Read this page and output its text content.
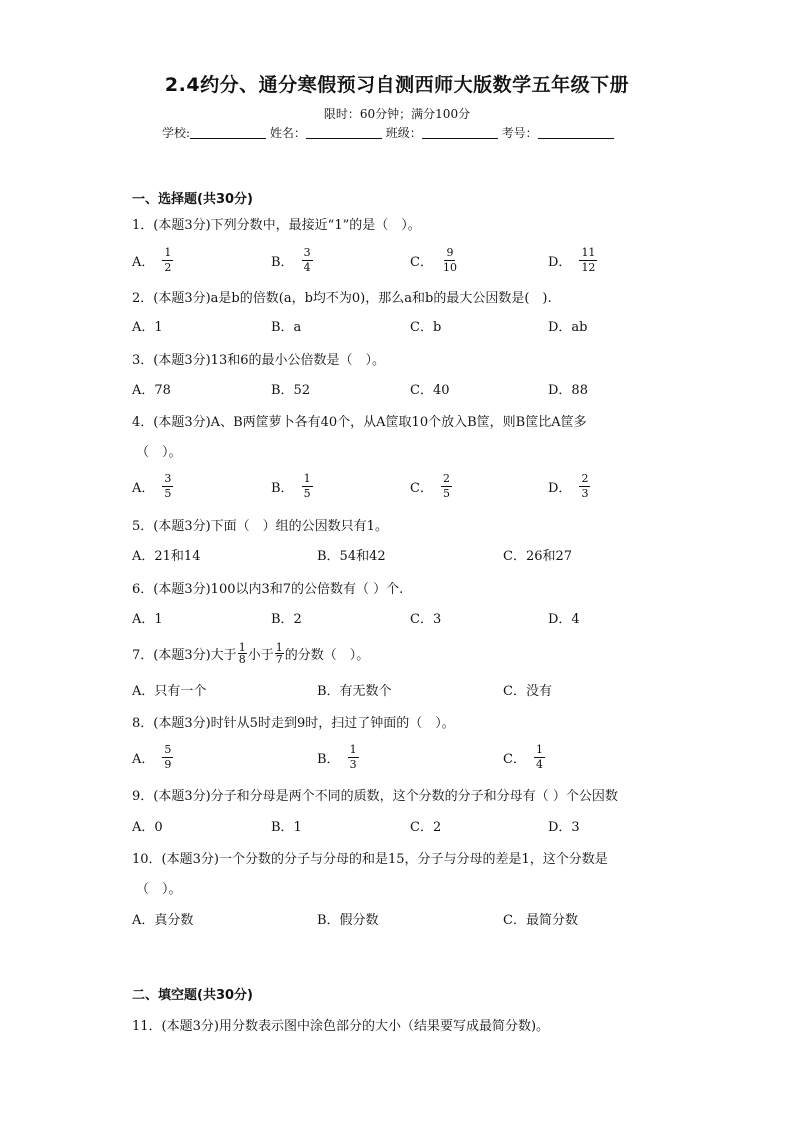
2.4约分、通分寒假预习自测西师大版数学五年级下册
限时：60分钟；满分100分
学校:	姓名：	班级：	考号：
一、选择题(共30分)
1．(本题3分)下列分数中，最接近“1”的是（　）。
A． $\frac{1}{2}$	B． $\frac{3}{4}$	C． $\frac{9}{10}$	D． $\frac{11}{12}$
2．(本题3分)a是b的倍数(a，b均不为0)，那么a和b的最大公因数是(　).
A．1	B．a	C．b	D．ab
3．(本题3分)13和6的最小公倍数是（　）。
A．78	B．52	C．40	D．88
4．(本题3分)A、B两筐萝卜各有40个，从A筐取10个放入B筐，则B筐比A筐多
（　）。
A． $\frac{3}{5}$	B． $\frac{1}{5}$	C． $\frac{2}{5}$	D． $\frac{2}{3}$
5．(本题3分)下面（　）组的公因数只有1。
A．21和14	B．54和42	C．26和27
6．(本题3分)100以内3和7的公倍数有（ ）个.
A．1	B．2	C．3	D．4
7．(本题3分)大于 $\frac{1}{8}$ 小于 $\frac{1}{7}$ 的分数（　）。
A．只有一个	B．有无数个	C．没有
8．(本题3分)时针从5时走到9时，扫过了钟面的（　）。
A． $\frac{5}{9}$	B． $\frac{1}{3}$	C． $\frac{1}{4}$
9．(本题3分)分子和分母是两个不同的质数，这个分数的分子和分母有（ ）个公因数
A．0	B．1	C．2	D．3
10．(本题3分)一个分数的分子与分母的和是15，分子与分母的差是1，这个分数是
（　）。
A．真分数	B．假分数	C．最简分数
二、填空题(共30分)
11．(本题3分)用分数表示图中涂色部分的大小（结果要写成最简分数)。
